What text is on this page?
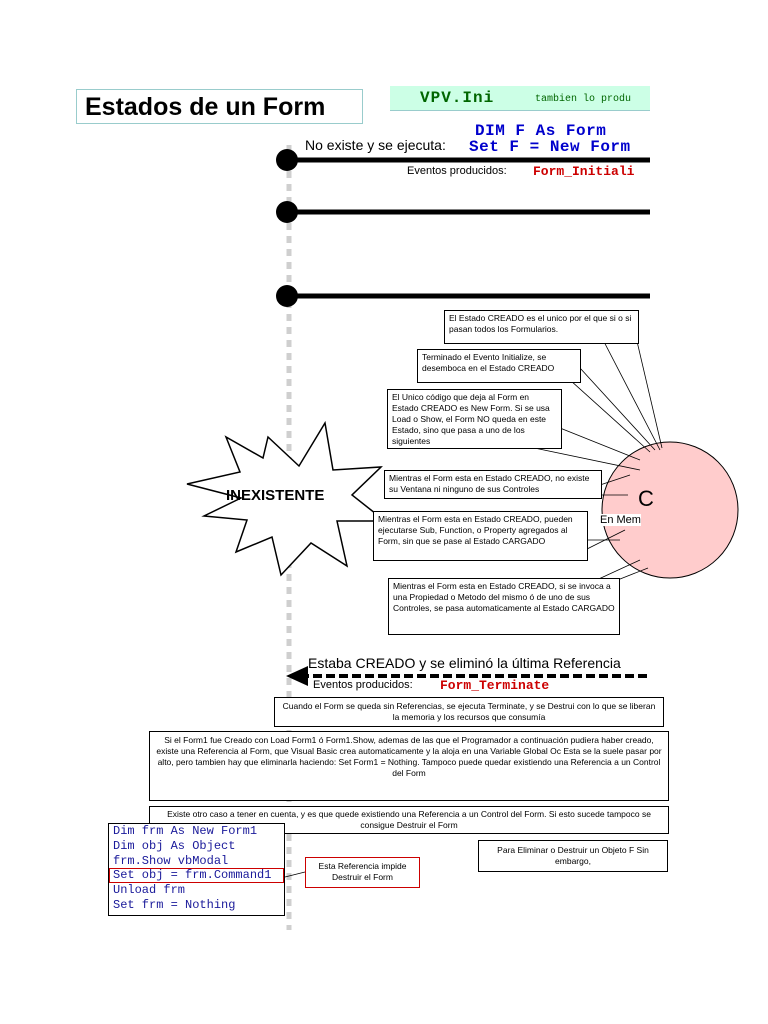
Estados de un Form	VPV.Ini	tambien lo produ
No existe y se ejecuta:
DIM F As Form
Set F = New Form
Eventos producidos: Form_Initiali
INEXISTENTE	C
En Mem
El Estado CREADO es el unico por el que si o si pasan todos los Formularios.
Terminado el Evento Initialize, se desemboca en el Estado CREADO
El Unico código que deja al Form en Estado CREADO es New Form. Si se usa Load o Show, el Form NO queda en este Estado, sino que pasa a uno de los siguientes
Mientras el Form esta en Estado CREADO, no existe su Ventana ni ninguno de sus Controles
Mientras el Form esta en Estado CREADO, pueden ejecutarse Sub, Function, o Property agregados al Form, sin que se pase al Estado CARGADO
Mientras el Form esta en Estado CREADO, si se invoca a una Propiedad o Metodo del mismo ó de uno de sus Controles, se pasa automaticamente al Estado CARGADO
Estaba CREADO y se eliminó la última Referencia
Eventos producidos: Form_Terminate
Cuando el Form se queda sin Referencias, se ejecuta Terminate, y se Destrui con lo que se liberan la memoria y los recursos que consumía
Si el Form1 fue Creado con Load Form1 ó Form1.Show, ademas de las que el Programador a continuación pudiera haber creado, existe una Referencia al Form, que Visual Basic crea automaticamente y la aloja en una Variable Global Oc Esta se la suele pasar por alto, pero tambien hay que eliminarla haciendo: Set Form1 = Nothing. Tampoco puede quedar existiendo una Referencia a un Control del Form
Existe otro caso a tener en cuenta, y es que quede existiendo una Referencia a un Control del Form. Si esto sucede tampoco se consigue Destruir el Form
Para Eliminar o Destruir un Objeto F Sin embargo,
Dim frm As New Form1
Dim obj As Object
frm.Show vbModal
Set obj = frm.Command1
Unload frm
Set frm = Nothing
Esta Referencia impide Destruir el Form
